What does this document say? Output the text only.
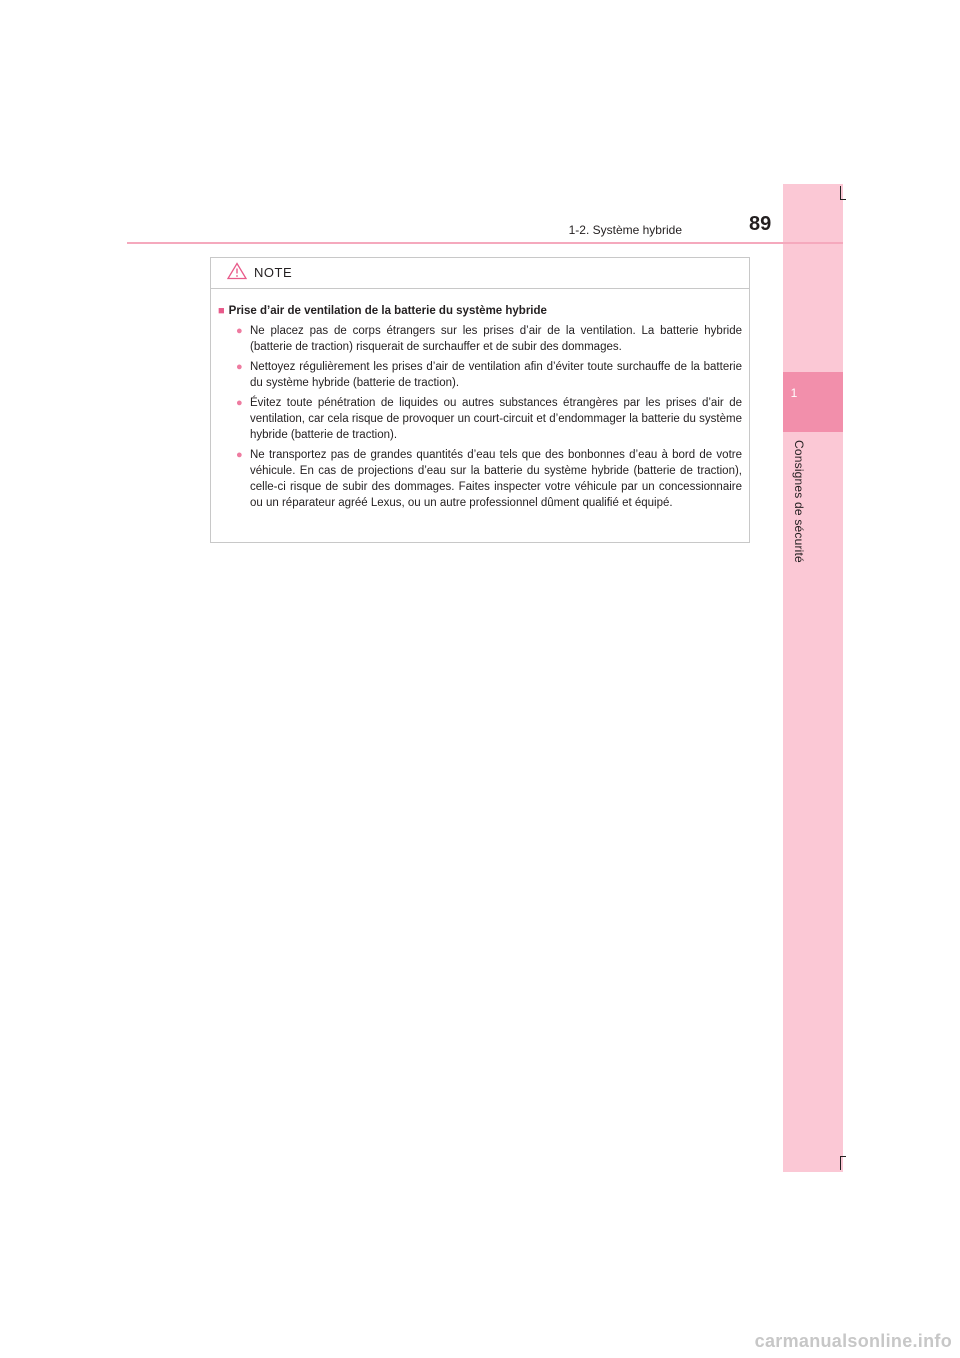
1
Consignes de sécurité
1-2. Système hybride	89
NOTE
■ Prise d’air de ventilation de la batterie du système hybride
● Ne placez pas de corps étrangers sur les prises d’air de la ventilation. La batterie hybride (batterie de traction) risquerait de surchauffer et de subir des dommages.
● Nettoyez régulièrement les prises d’air de ventilation afin d’éviter toute surchauffe de la batterie du système hybride (batterie de traction).
● Évitez toute pénétration de liquides ou autres substances étrangères par les prises d’air de ventilation, car cela risque de provoquer un court-circuit et d’endommager la batterie du système hybride (batterie de traction).
● Ne transportez pas de grandes quantités d’eau tels que des bonbonnes d’eau à bord de votre véhicule. En cas de projections d’eau sur la batterie du système hybride (batterie de traction), celle-ci risque de subir des dommages. Faites inspecter votre véhicule par un concessionnaire ou un réparateur agréé Lexus, ou un autre professionnel dûment qualifié et équipé.
carmanualsonline.info
